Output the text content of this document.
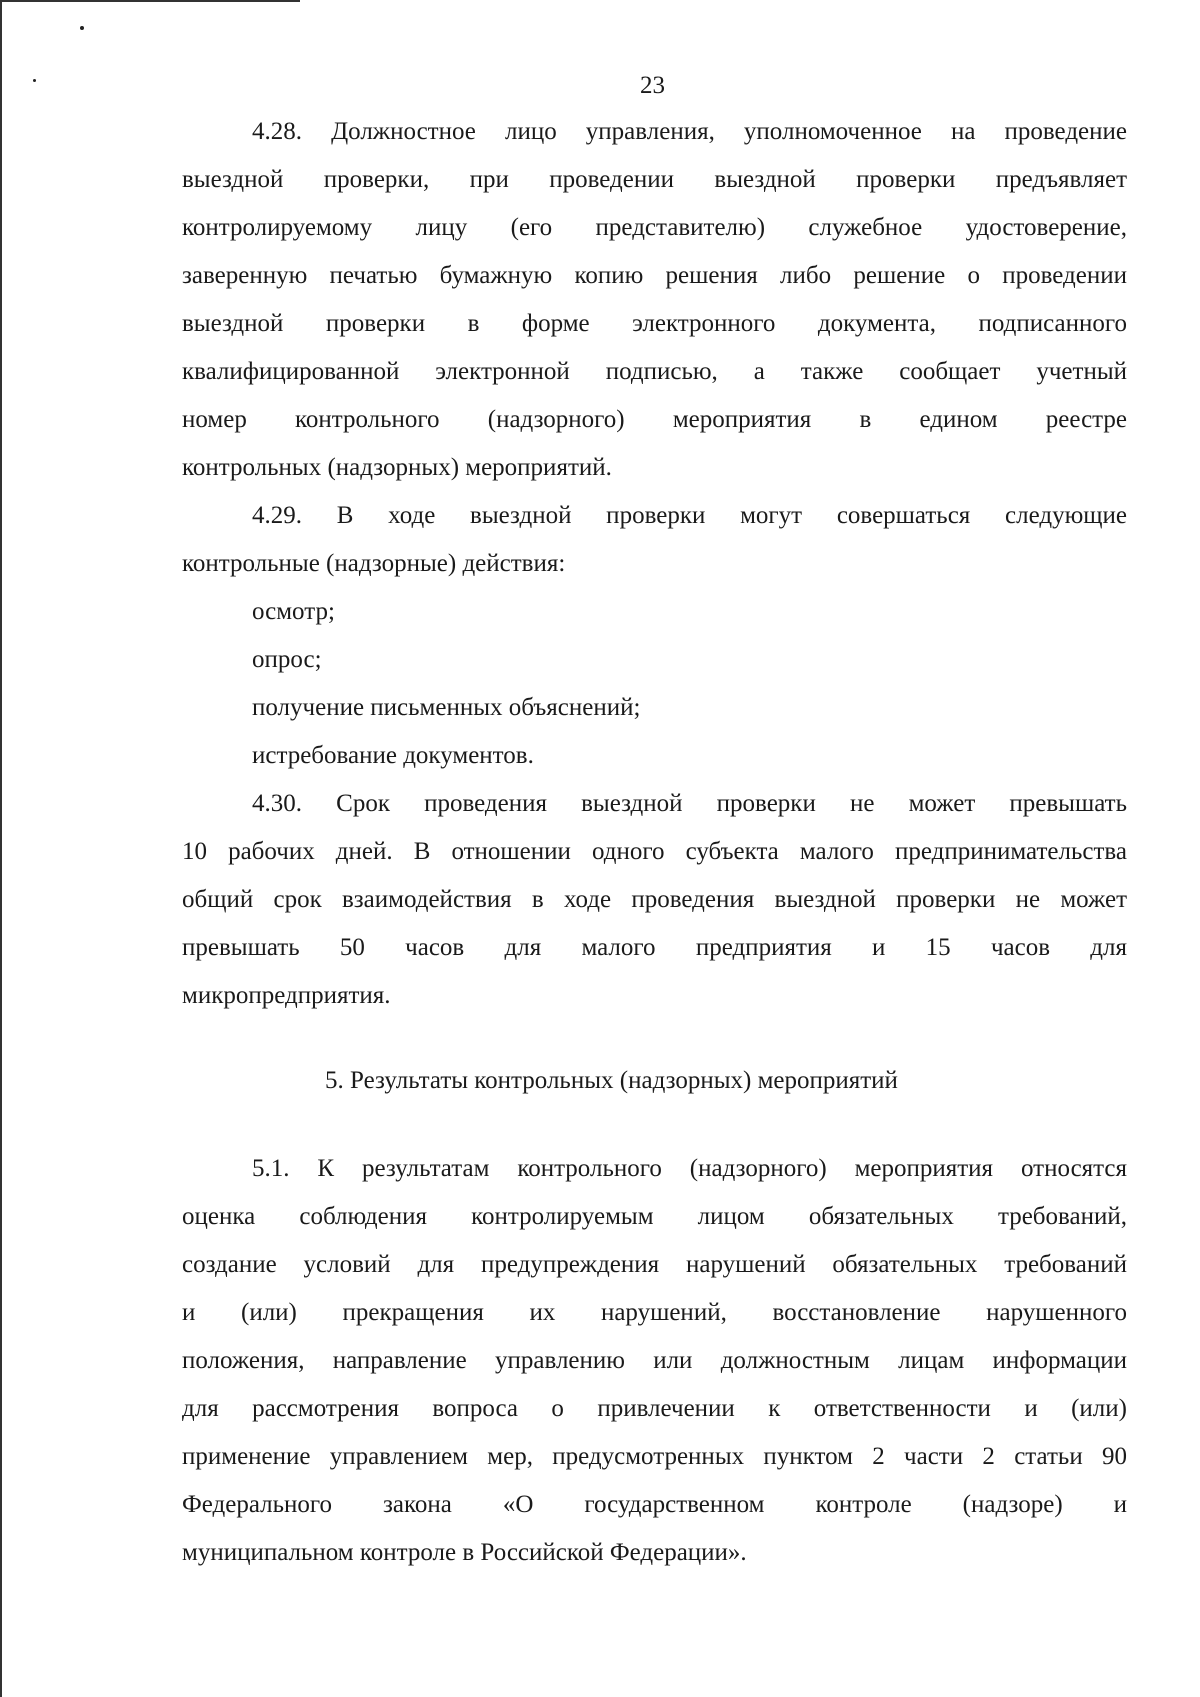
23
4.28. Должностное лицо управления, уполномоченное на проведение
выездной проверки, при проведении выездной проверки предъявляет
контролируемому лицу (его представителю) служебное удостоверение,
заверенную печатью бумажную копию решения либо решение о проведении
выездной проверки в форме электронного документа, подписанного
квалифицированной электронной подписью, а также сообщает учетный
номер контрольного (надзорного) мероприятия в едином реестре
контрольных (надзорных) мероприятий.
4.29. В ходе выездной проверки могут совершаться следующие
контрольные (надзорные) действия:
осмотр;
опрос;
получение письменных объяснений;
истребование документов.
4.30. Срок проведения выездной проверки не может превышать
10 рабочих дней. В отношении одного субъекта малого предпринимательства
общий срок взаимодействия в ходе проведения выездной проверки не может
превышать 50 часов для малого предприятия и 15 часов для
микропредприятия.
5. Результаты контрольных (надзорных) мероприятий
5.1. К результатам контрольного (надзорного) мероприятия относятся
оценка соблюдения контролируемым лицом обязательных требований,
создание условий для предупреждения нарушений обязательных требований
и (или) прекращения их нарушений, восстановление нарушенного
положения, направление управлению или должностным лицам информации
для рассмотрения вопроса о привлечении к ответственности и (или)
применение управлением мер, предусмотренных пунктом 2 части 2 статьи 90
Федерального закона «О государственном контроле (надзоре) и
муниципальном контроле в Российской Федерации».
